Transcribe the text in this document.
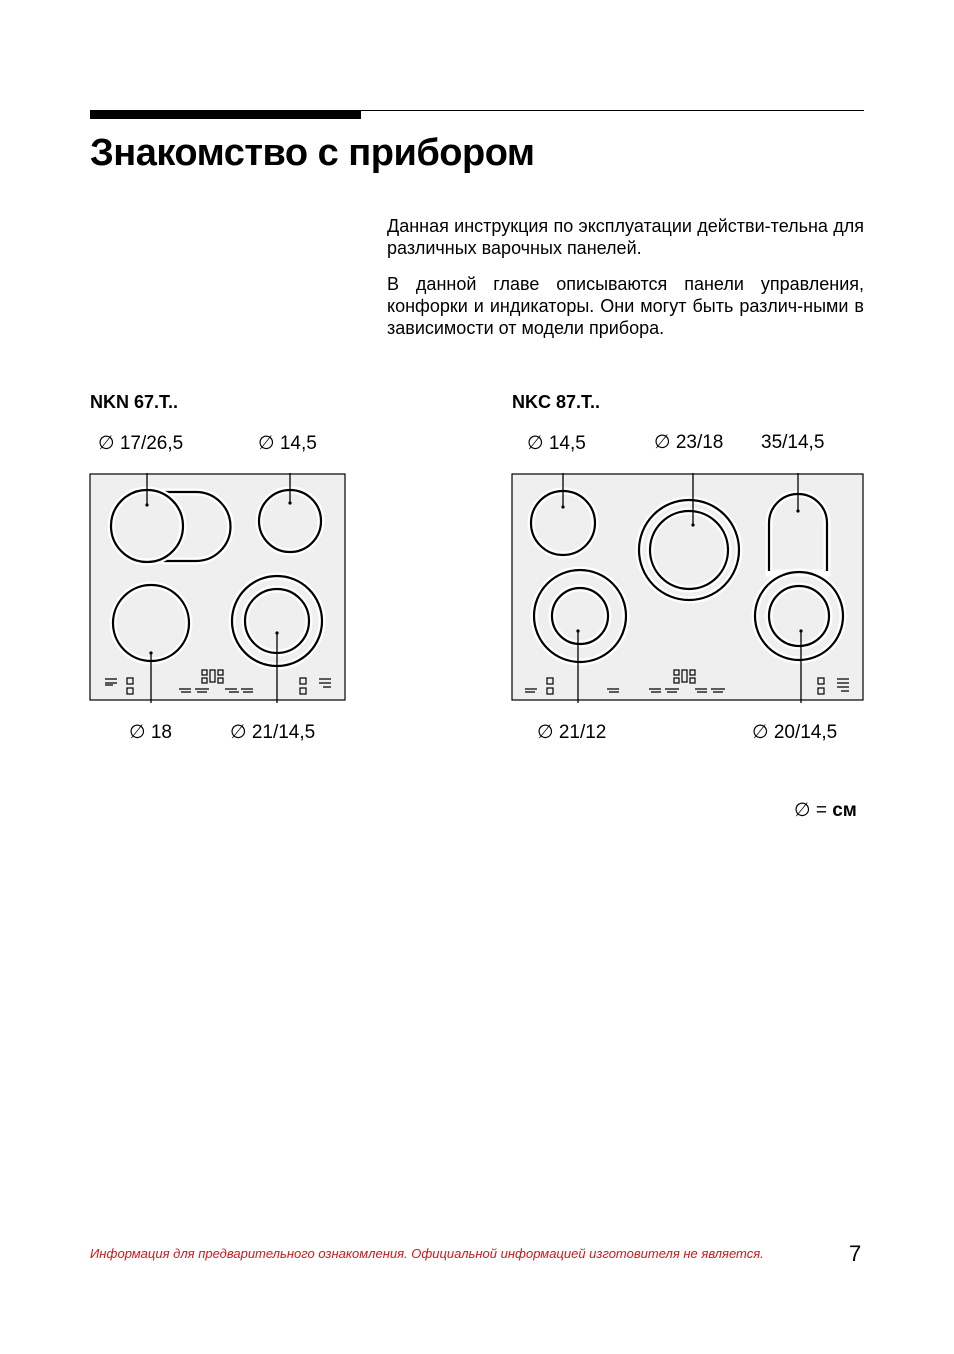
Знакомство с прибором

Данная инструкция по эксплуатации действи-тельна для различных варочных панелей.

В данной главе описываются панели управления, конфорки и индикаторы. Они могут быть различ-ными в зависимости от модели прибора.

NKN 67.T..
∅ 17/26,5	∅ 14,5
∅ 18	∅ 21/14,5
NKC 87.T..
∅ 14,5	∅ 23/18 35/14,5
∅ 21/12	∅ 20/14,5
∅ = см
Информация для предварительного ознакомления. Официальной информацией изготовителя не является.	7
